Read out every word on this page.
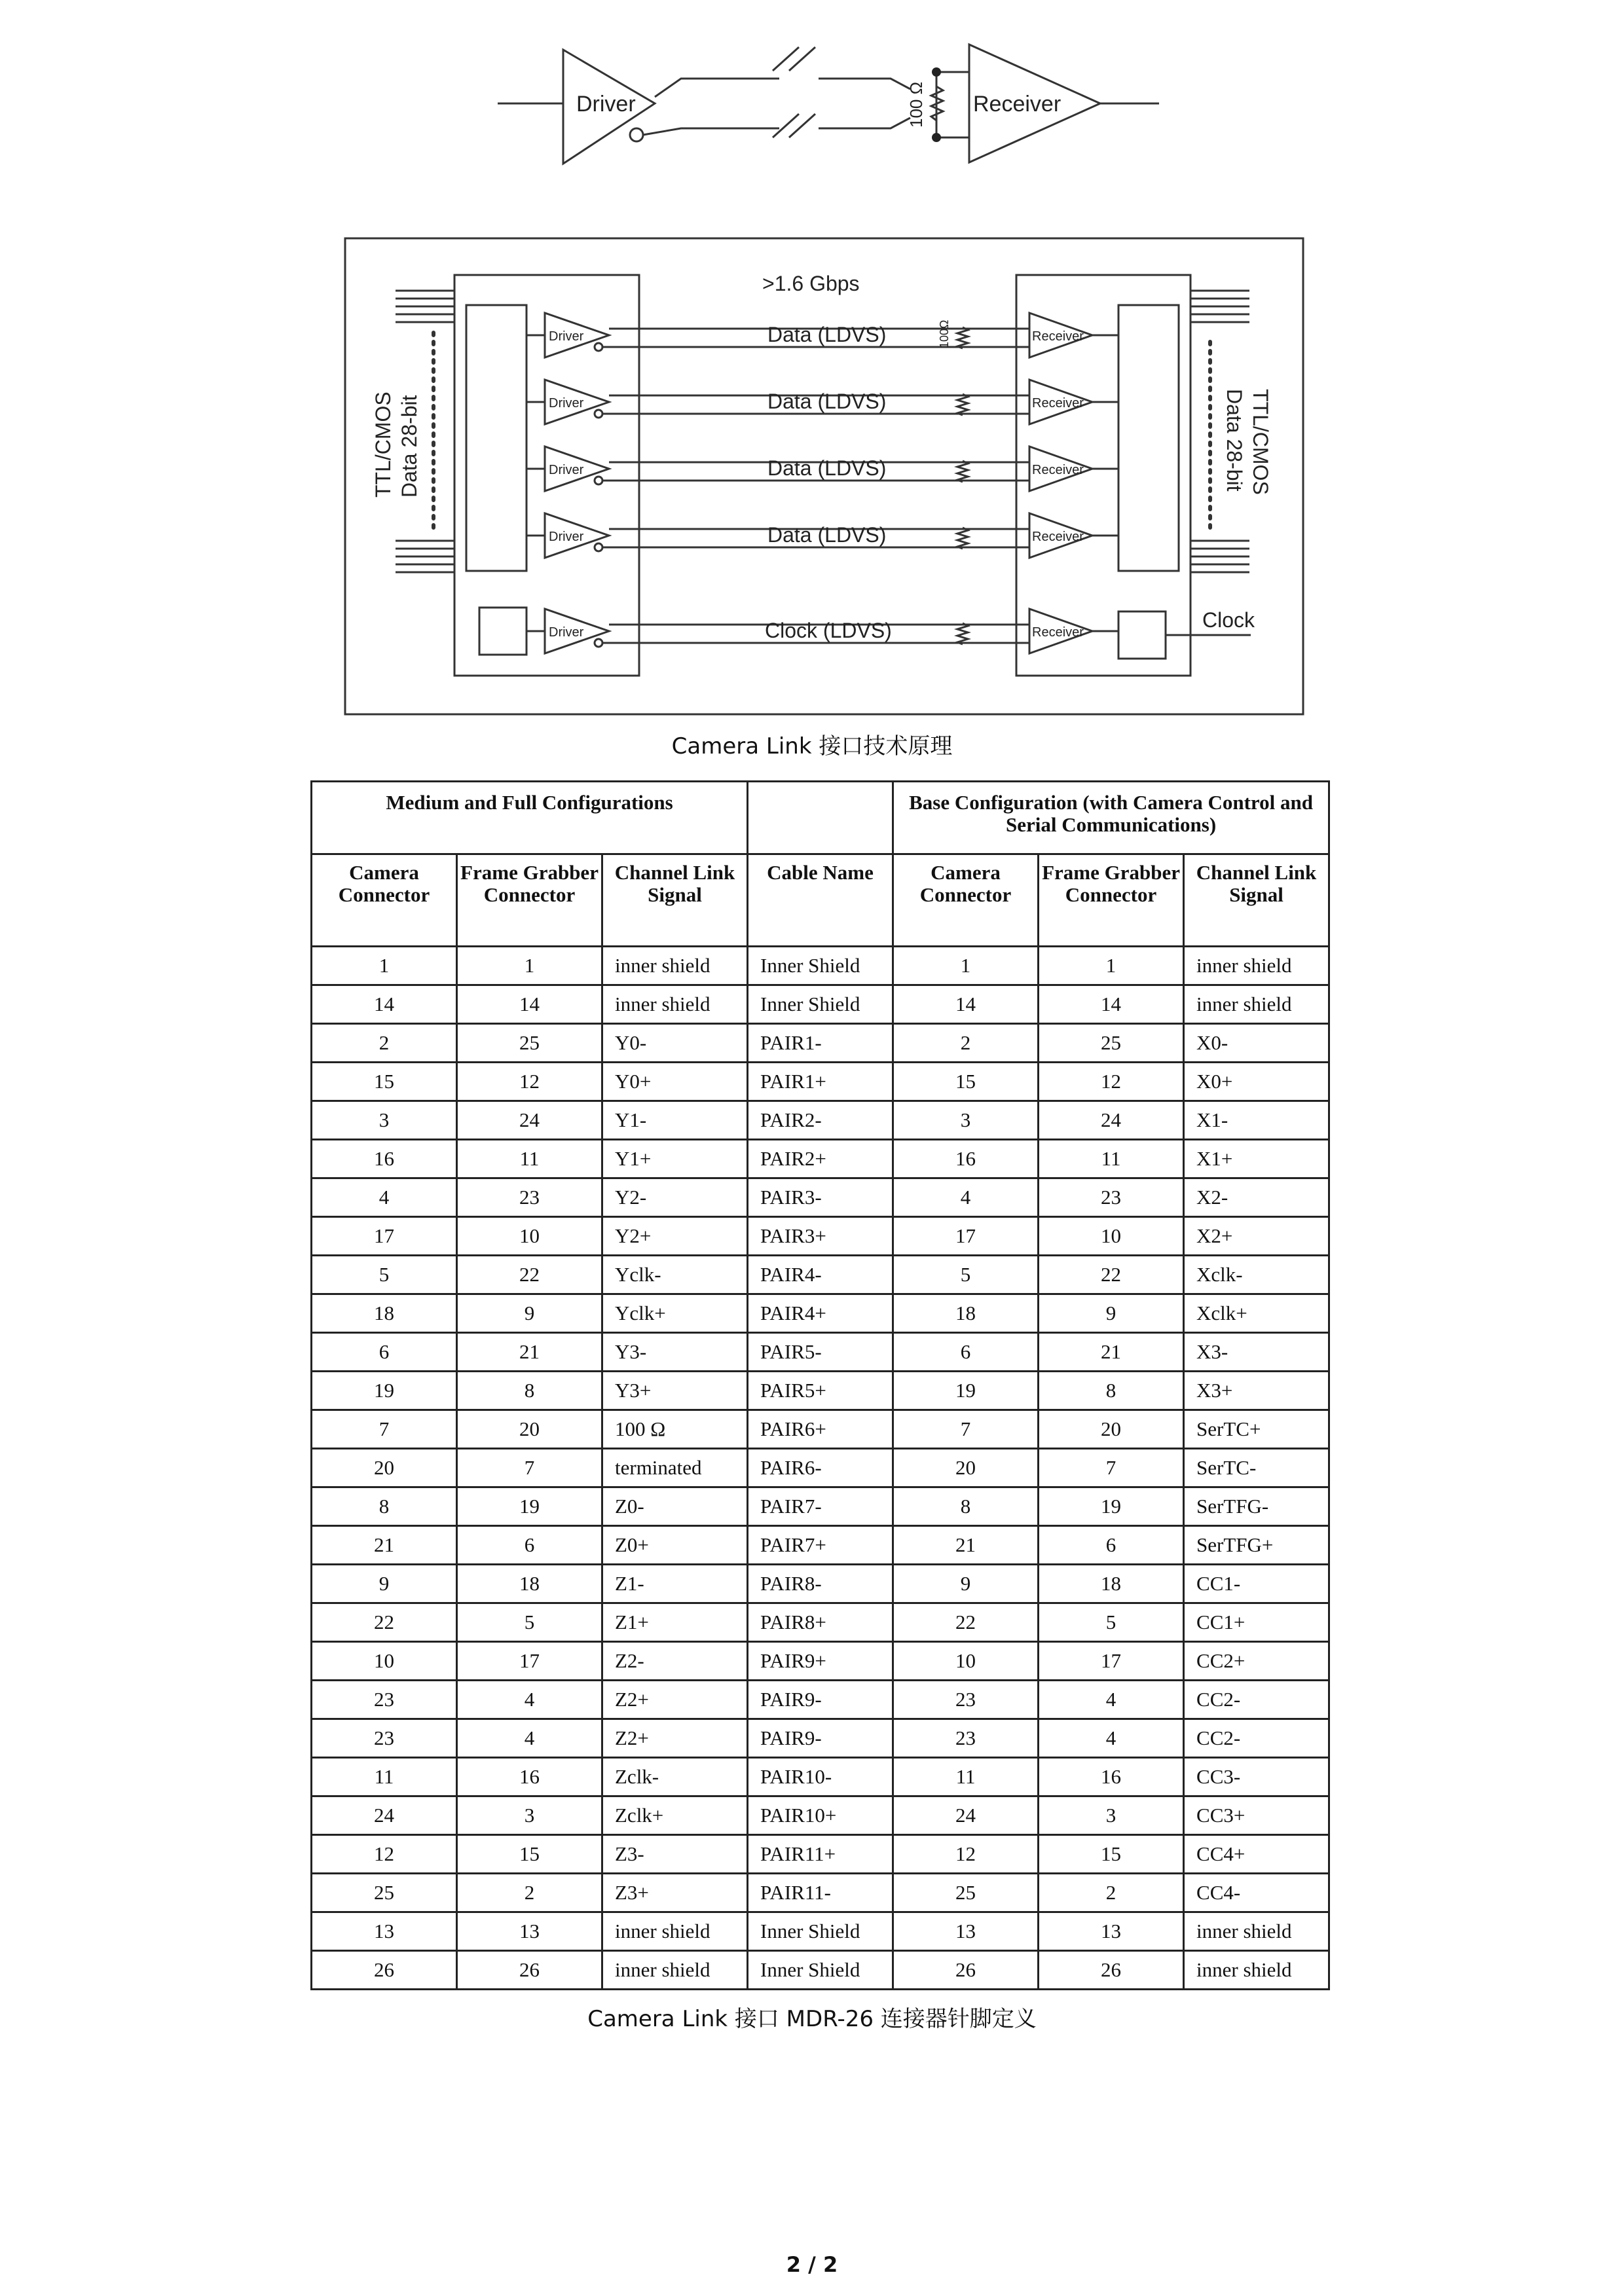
Driver	100 Ω Receiver
>1.6 Gbps
TTL/CMOS Data 28-bit	TTL/CMOS
Data 28-bit
Clock
Driver	100Ω
Data (LDVS)	Receiver
Driver	Data (LDVS)	Receiver
Driver	Data (LDVS)	Receiver
Driver	Data (LDVS)	Receiver
Driver	Clock (LDVS)	Receiver
Camera Link 接口技术原理
Medium and Full Configurations				Base Configuration (with Camera Control and Serial Communications)		
Camera Connector	Frame Grabber Connector	Channel Link Signal	Cable Name	Camera Connector	Frame Grabber Connector	Channel Link Signal
1	1	inner shield	Inner Shield	1	1	inner shield
14	14	inner shield	Inner Shield	14	14	inner shield
2	25	Y0-	PAIR1-	2	25	X0-
15	12	Y0+	PAIR1+	15	12	X0+
3	24	Y1-	PAIR2-	3	24	X1-
16	11	Y1+	PAIR2+	16	11	X1+
4	23	Y2-	PAIR3-	4	23	X2-
17	10	Y2+	PAIR3+	17	10	X2+
5	22	Yclk-	PAIR4-	5	22	Xclk-
18	9	Yclk+	PAIR4+	18	9	Xclk+
6	21	Y3-	PAIR5-	6	21	X3-
19	8	Y3+	PAIR5+	19	8	X3+
7	20	100 Ω	PAIR6+	7	20	SerTC+
20	7	terminated	PAIR6-	20	7	SerTC-
8	19	Z0-	PAIR7-	8	19	SerTFG-
21	6	Z0+	PAIR7+	21	6	SerTFG+
9	18	Z1-	PAIR8-	9	18	CC1-
22	5	Z1+	PAIR8+	22	5	CC1+
10	17	Z2-	PAIR9+	10	17	CC2+
23	4	Z2+	PAIR9-	23	4	CC2-
23	4	Z2+	PAIR9-	23	4	CC2-
11	16	Zclk-	PAIR10-	11	16	CC3-
24	3	Zclk+	PAIR10+	24	3	CC3+
12	15	Z3-	PAIR11+	12	15	CC4+
25	2	Z3+	PAIR11-	25	2	CC4-
13	13	inner shield	Inner Shield	13	13	inner shield
26	26	inner shield	Inner Shield	26	26	inner shield
Camera Link 接口 MDR-26 连接器针脚定义
2 / 2
